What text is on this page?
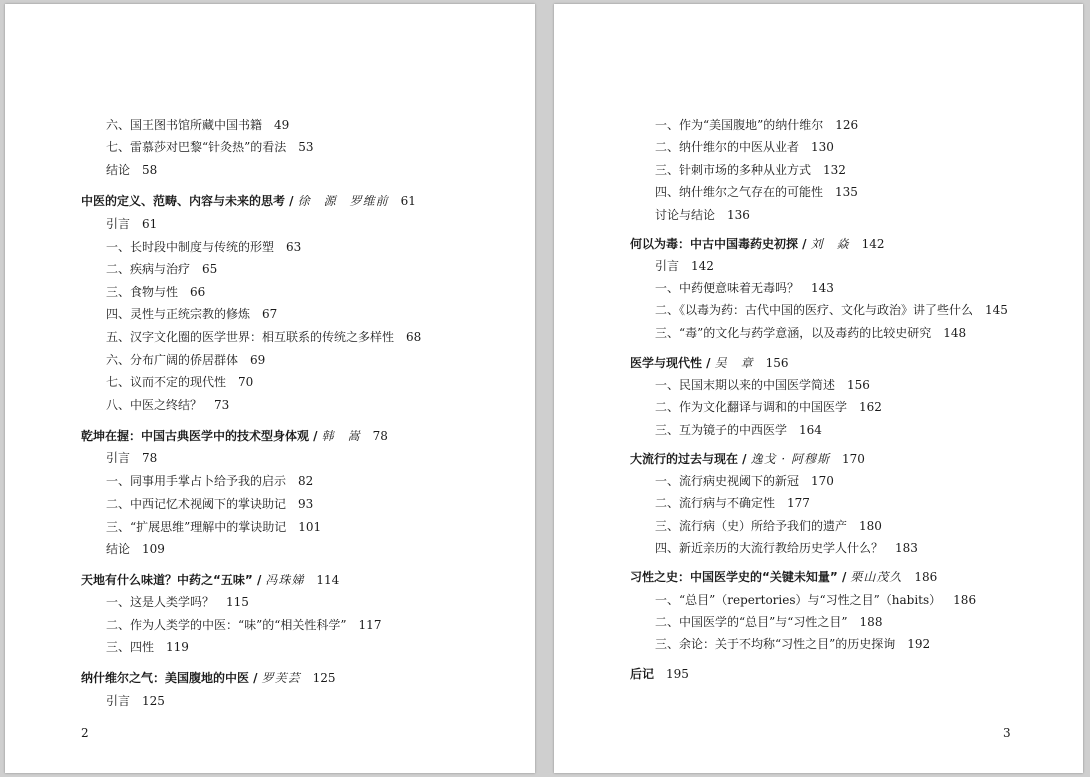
六、国王图书馆所藏中国书籍 49
七、雷慕莎对巴黎“针灸热”的看法 53
结论 58
中医的定义、范畴、内容与未来的思考 / 徐　源　罗维前 61
引言 61
一、长时段中制度与传统的形塑 63
二、疾病与治疗 65
三、食物与性 66
四、灵性与正统宗教的修炼 67
五、汉字文化圈的医学世界：相互联系的传统之多样性 68
六、分布广阔的侨居群体 69
七、议而不定的现代性 70
八、中医之终结？ 73
乾坤在握：中国古典医学中的技术型身体观 / 韩　嵩 78
引言 78
一、同事用手掌占卜给予我的启示 82
二、中西记忆术视阈下的掌诀助记 93
三、“扩展思维”理解中的掌诀助记 101
结论 109
天地有什么味道？中药之“五味” / 冯珠娣 114
一、这是人类学吗？ 115
二、作为人类学的中医：“味”的“相关性科学” 117
三、四性 119
纳什维尔之气：美国腹地的中医 / 罗芙芸 125
引言 125
2
一、作为“美国腹地”的纳什维尔 126
二、纳什维尔的中医从业者 130
三、针刺市场的多种从业方式 132
四、纳什维尔之气存在的可能性 135
讨论与结论 136
何以为毒：中古中国毒药史初探 / 刘　焱 142
引言 142
一、中药便意味着无毒吗？ 143
二、《以毒为药：古代中国的医疗、文化与政治》讲了些什么 145
三、“毒”的文化与药学意涵，以及毒药的比较史研究 148
医学与现代性 / 吴　章 156
一、民国末期以来的中国医学简述 156
二、作为文化翻译与调和的中国医学 162
三、互为镜子的中西医学 164
大流行的过去与现在 / 逸戈 · 阿穆斯 170
一、流行病史视阈下的新冠 170
二、流行病与不确定性 177
三、流行病（史）所给予我们的遗产 180
四、新近亲历的大流行教给历史学人什么？ 183
习性之史：中国医学史的“关键未知量” / 栗山茂久 186
一、“总目”（repertories）与“习性之目”（habits） 186
二、中国医学的“总目”与“习性之目” 188
三、余论：关于不均称“习性之目”的历史探询 192
后记 195
3
